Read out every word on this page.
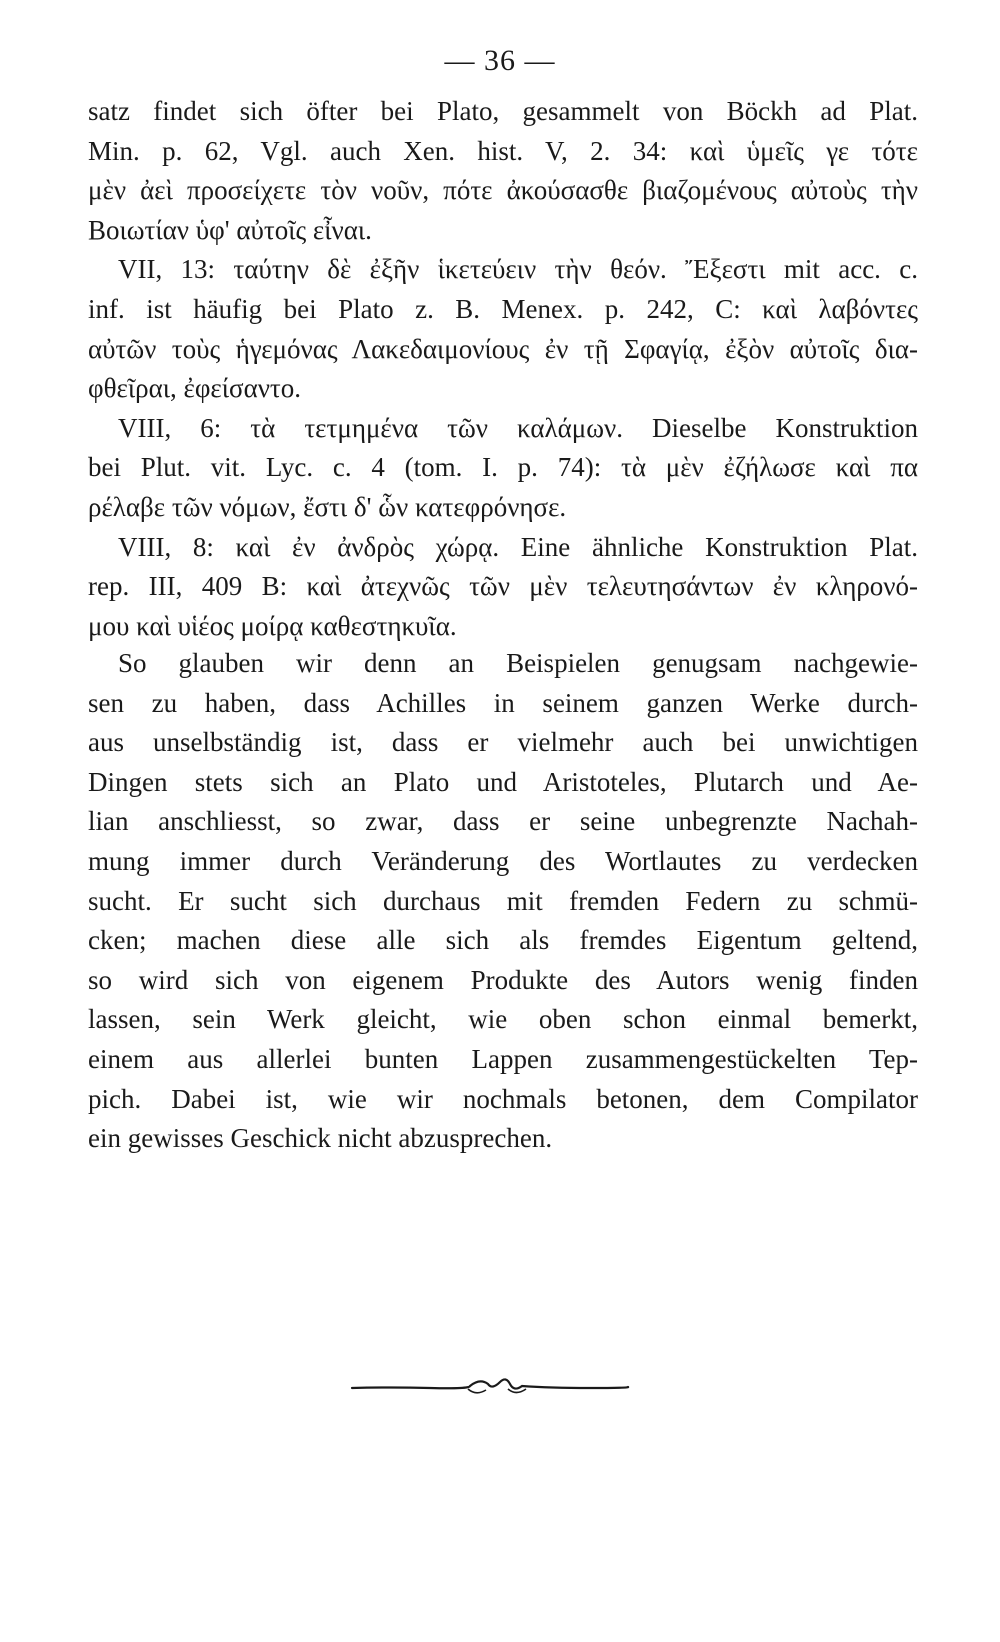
— 36 —
satz findet sich öfter bei Plato, gesammelt von Böckh ad Plat.
Min. p. 62, Vgl. auch Xen. hist. V, 2. 34: καὶ ὑμεῖς γε τότε
μὲν ἀεὶ προσείχετε τὸν νοῦν, πότε ἀκούσασθε βιαζομένους αὐτοὺς τὴν
Βοιωτίαν ὑφ' αὐτοῖς εἶναι.
VII, 13: ταύτην δὲ ἐξῆν ἱκετεύειν τὴν θεόν. Ἔξεστι mit acc. c.
inf. ist häufig bei Plato z. B. Menex. p. 242, C: καὶ λαβόντες
αὐτῶν τοὺς ἡγεμόνας Λακεδαιμονίους ἐν τῇ Σφαγίᾳ, ἐξὸν αὐτοῖς δια-
φθεῖραι, ἐφείσαντο.
VIII, 6: τὰ τετμημένα τῶν καλάμων. Dieselbe Konstruktion
bei Plut. vit. Lyc. c. 4 (tom. I. p. 74): τὰ μὲν ἐζήλωσε καὶ πα
ρέλαβε τῶν νόμων, ἔστι δ' ὧν κατεφρόνησε.
VIII, 8: καὶ ἐν ἀνδρὸς χώρᾳ. Eine ähnliche Konstruktion Plat.
rep. III, 409 B: καὶ ἀτεχνῶς τῶν μὲν τελευτησάντων ἐν κληρονό-
μου καὶ υἱέος μοίρᾳ καθεστηκυῖα.
So glauben wir denn an Beispielen genugsam nachgewie-
sen zu haben, dass Achilles in seinem ganzen Werke durch-
aus unselbständig ist, dass er vielmehr auch bei unwichtigen
Dingen stets sich an Plato und Aristoteles, Plutarch und Ae-
lian anschliesst, so zwar, dass er seine unbegrenzte Nachah-
mung immer durch Veränderung des Wortlautes zu verdecken
sucht. Er sucht sich durchaus mit fremden Federn zu schmü-
cken; machen diese alle sich als fremdes Eigentum geltend,
so wird sich von eigenem Produkte des Autors wenig finden
lassen, sein Werk gleicht, wie oben schon einmal bemerkt,
einem aus allerlei bunten Lappen zusammengestückelten Tep-
pich. Dabei ist, wie wir nochmals betonen, dem Compilator
ein gewisses Geschick nicht abzusprechen.
